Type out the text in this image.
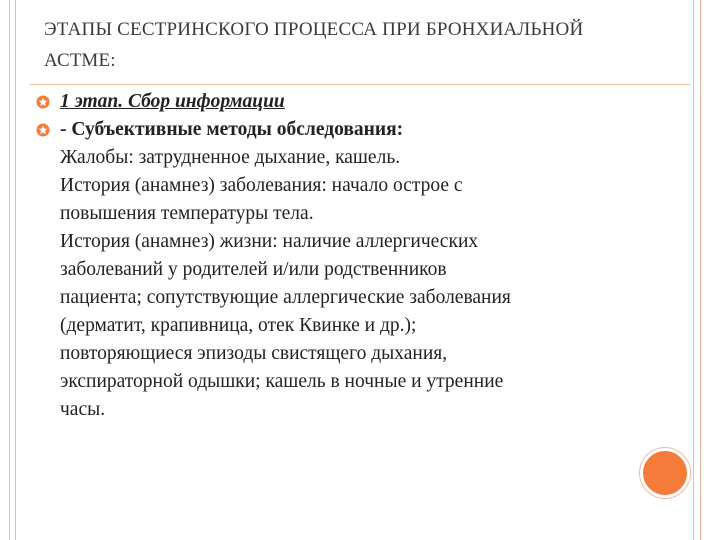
ЭТАПЫ СЕСТРИНСКОГО ПРОЦЕССА ПРИ БРОНХИАЛЬНОЙ
АСТМЕ:
1 этап. Сбор информации
- Субъективные методы обследования:
Жалобы: затрудненное дыхание, кашель.
История (анамнез) заболевания: начало острое с
повышения температуры тела.
История (анамнез) жизни: наличие аллергических
заболеваний у родителей и/или родственников
пациента; сопутствующие аллергические заболевания
(дерматит, крапивница, отек Квинке и др.);
повторяющиеся эпизоды свистящего дыхания,
экспираторной одышки; кашель в ночные и утренние
часы.
